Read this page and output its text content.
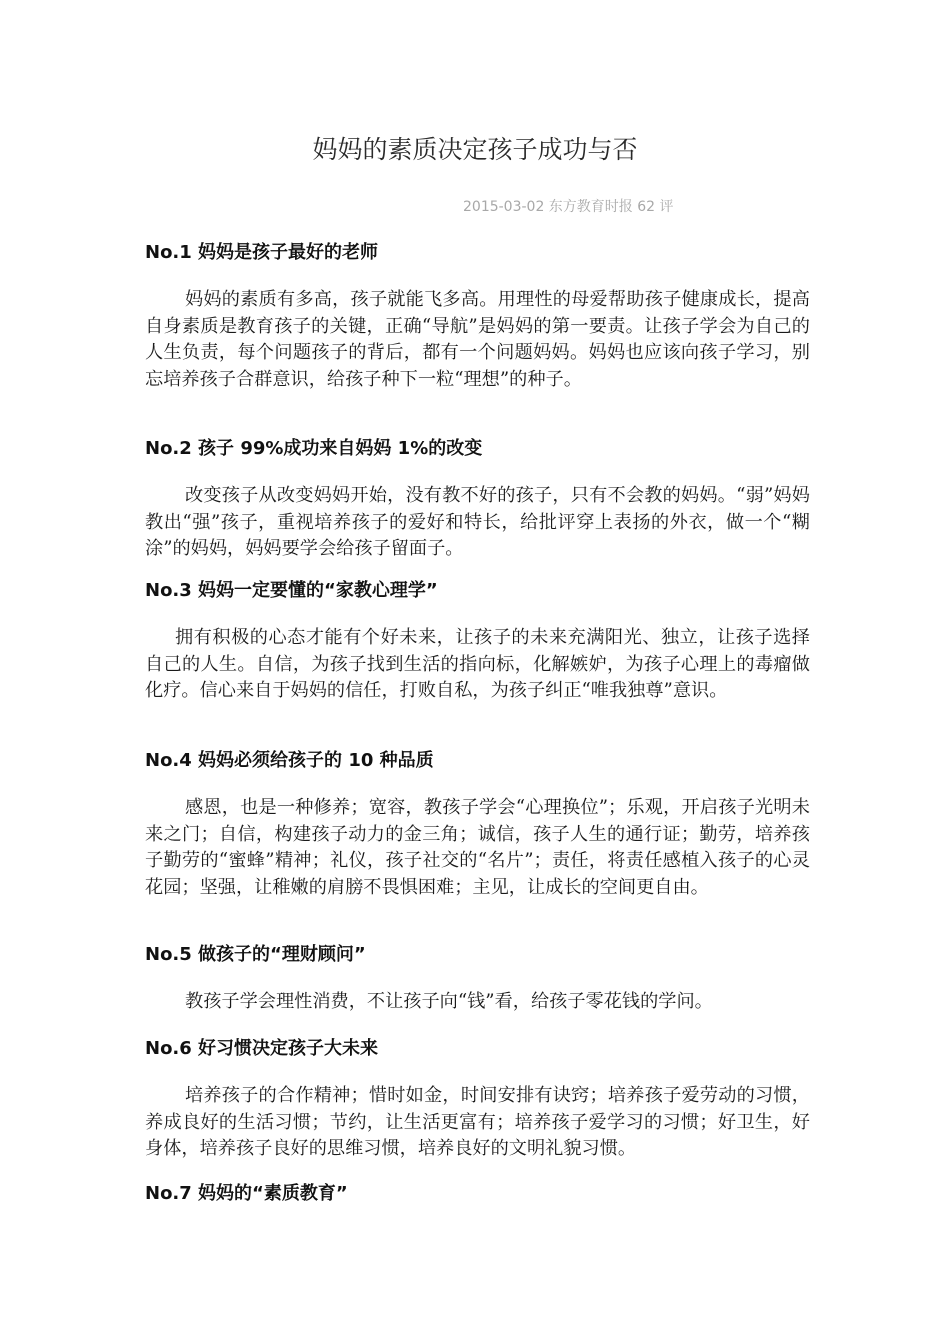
妈妈的素质决定孩子成功与否
2015-03-02 东方教育时报 62 评
No.1 妈妈是孩子最好的老师

妈妈的素质有多高，孩子就能飞多高。用理性的母爱帮助孩子健康成长，提高自身素质是教育孩子的关键，正确“导航”是妈妈的第一要责。让孩子学会为自己的 人生负责，每个问题孩子的背后，都有一个问题妈妈。妈妈也应该向孩子学习，别忘培养孩子合群意识，给孩子种下一粒“理想”的种子。

No.2 孩子 99%成功来自妈妈 1%的改变

改变孩子从改变妈妈开始，没有教不好的孩子，只有不会教的妈妈。“弱”妈妈教出“强”孩子，重视培养孩子的爱好和特长，给批评穿上表扬的外衣，做一个“糊涂”的妈妈，妈妈要学会给孩子留面子。

No.3 妈妈一定要懂的“家教心理学”

拥有积极的心态才能有个好未来，让孩子的未来充满阳光、独立，让孩子选择自己的人生。自信，为孩子找到生活的指向标，化解嫉妒，为孩子心理上的毒瘤做化疗。信心来自于妈妈的信任，打败自私，为孩子纠正“唯我独尊”意识。

No.4 妈妈必须给孩子的 10 种品质

感恩，也是一种修养；宽容，教孩子学会“心理换位”；乐观，开启孩子光明未来之门；自信，构建孩子动力的金三角；诚信，孩子人生的通行证；勤劳，培养孩 子勤劳的“蜜蜂”精神；礼仪，孩子社交的“名片”；责任，将责任感植入孩子的心灵花园；坚强，让稚嫩的肩膀不畏惧困难；主见，让成长的空间更自由。

No.5 做孩子的“理财顾问”

教孩子学会理性消费，不让孩子向“钱”看，给孩子零花钱的学问。

No.6 好习惯决定孩子大未来

培养孩子的合作精神；惜时如金，时间安排有诀窍；培养孩子爱劳动的习惯，养成良好的生活习惯；节约，让生活更富有；培养孩子爱学习的习惯；好卫生，好身体，培养孩子良好的思维习惯，培养良好的文明礼貌习惯。

No.7 妈妈的“素质教育”
